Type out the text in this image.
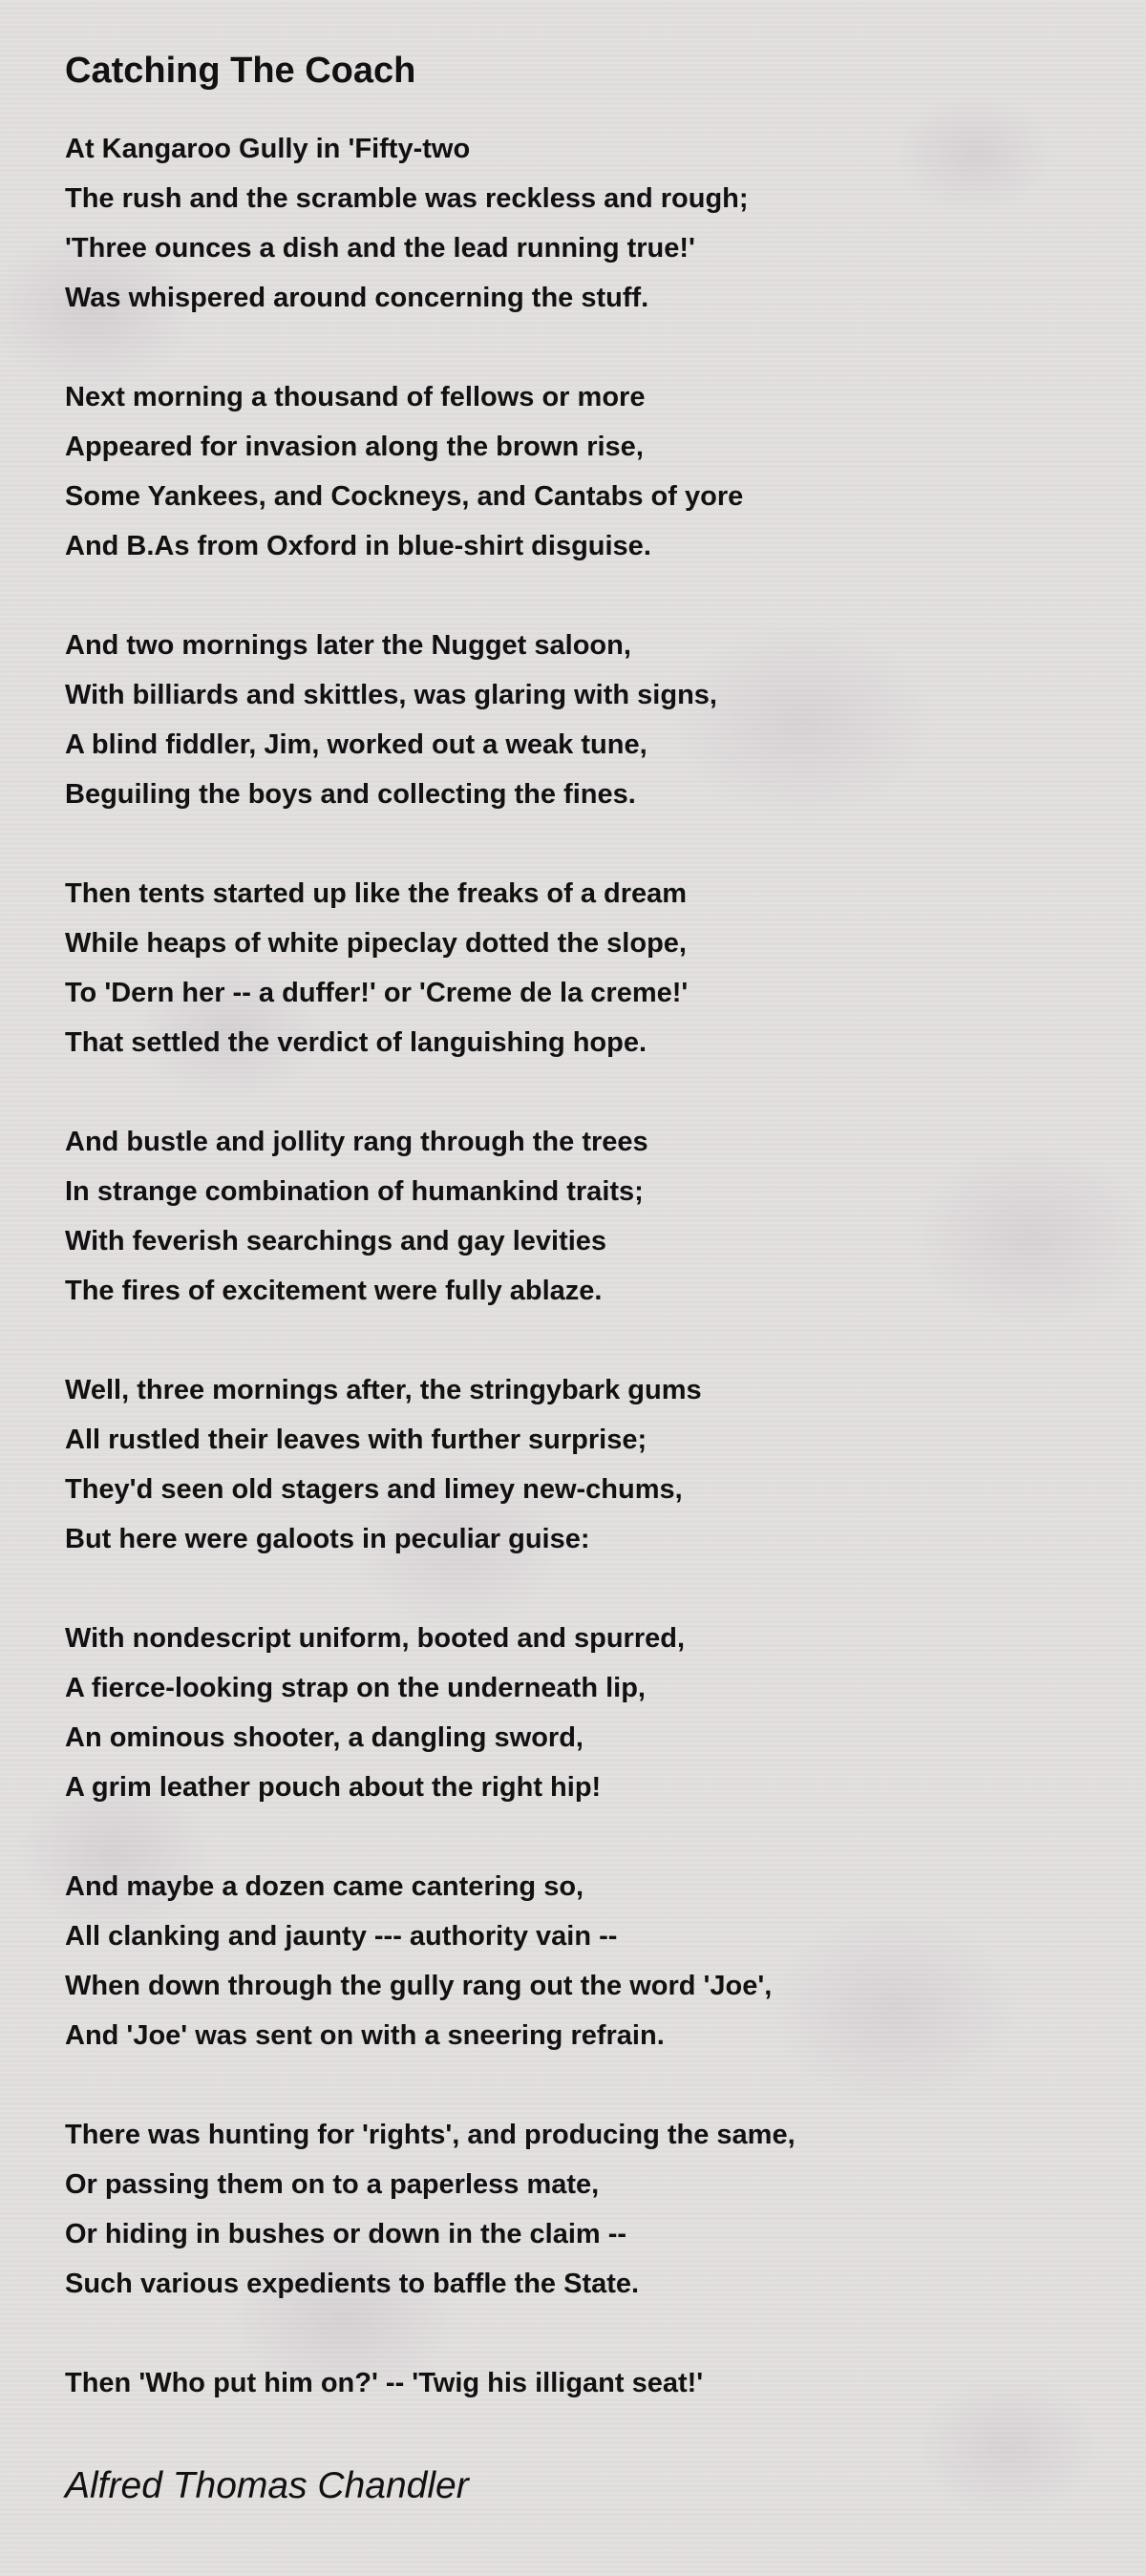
Catching The Coach
At Kangaroo Gully in 'Fifty-two
The rush and the scramble was reckless and rough;
'Three ounces a dish and the lead running true!'
Was whispered around concerning the stuff.
Next morning a thousand of fellows or more
Appeared for invasion along the brown rise,
Some Yankees, and Cockneys, and Cantabs of yore
And B.As from Oxford in blue-shirt disguise.
And two mornings later the Nugget saloon,
With billiards and skittles, was glaring with signs,
A blind fiddler, Jim, worked out a weak tune,
Beguiling the boys and collecting the fines.
Then tents started up like the freaks of a dream
While heaps of white pipeclay dotted the slope,
To 'Dern her -- a duffer!' or 'Creme de la creme!'
That settled the verdict of languishing hope.
And bustle and jollity rang through the trees
In strange combination of humankind traits;
With feverish searchings and gay levities
The fires of excitement were fully ablaze.
Well, three mornings after, the stringybark gums
All rustled their leaves with further surprise;
They'd seen old stagers and limey new-chums,
But here were galoots in peculiar guise:
With nondescript uniform, booted and spurred,
A fierce-looking strap on the underneath lip,
An ominous shooter, a dangling sword,
A grim leather pouch about the right hip!
And maybe a dozen came cantering so,
All clanking and jaunty --- authority vain --
When down through the gully rang out the word 'Joe',
And 'Joe' was sent on with a sneering refrain.
There was hunting for 'rights', and producing the same,
Or passing them on to a paperless mate,
Or hiding in bushes or down in the claim --
Such various expedients to baffle the State.
Then 'Who put him on?' -- 'Twig his illigant seat!'
Alfred Thomas Chandler
